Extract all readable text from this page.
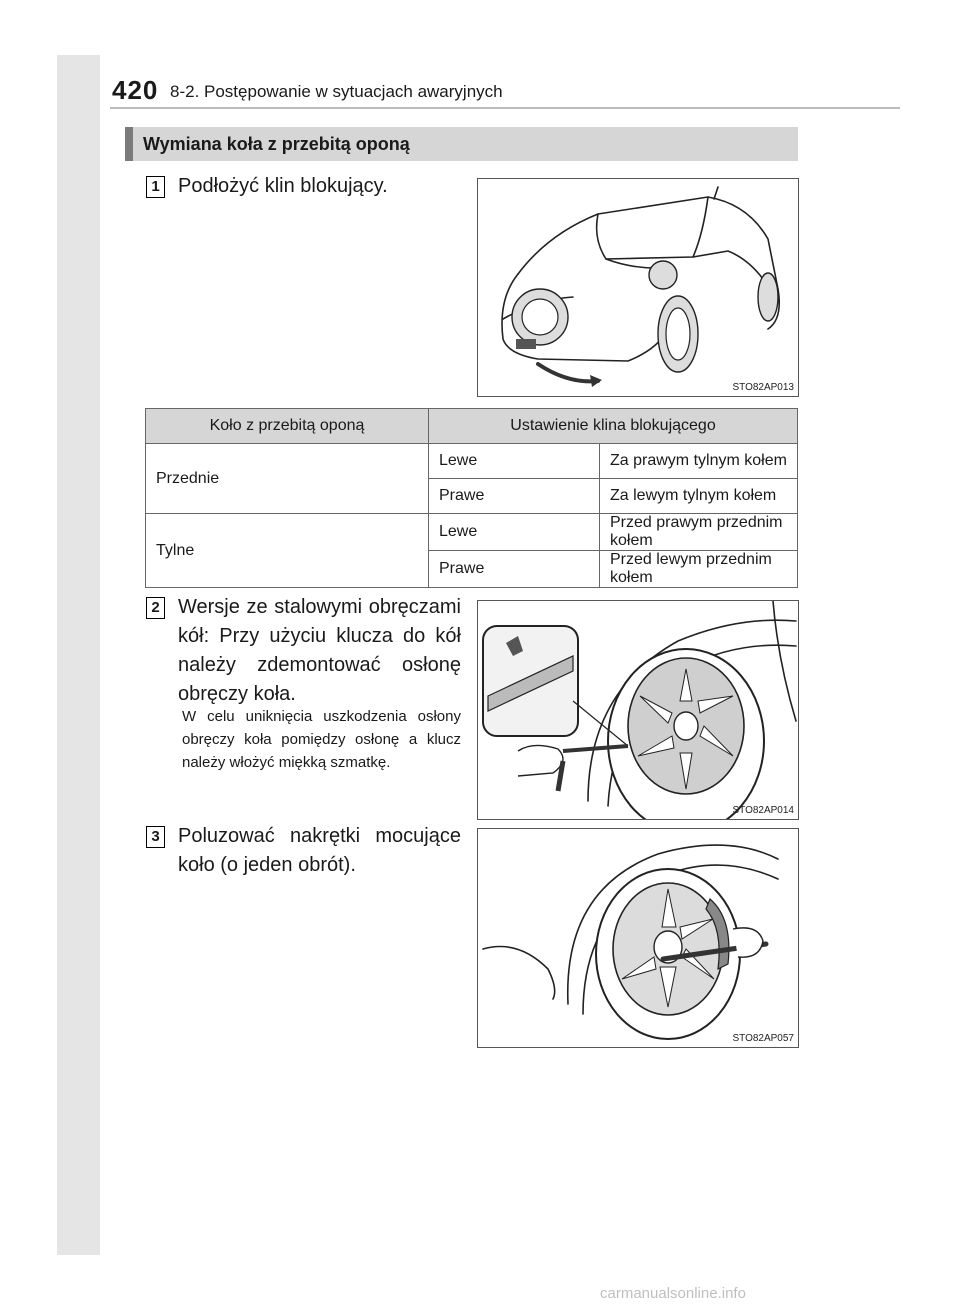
420 8-2. Postępowanie w sytuacjach awaryjnych
Wymiana koła z przebitą oponą
1 Podłożyć klin blokujący.
STO82AP013
Koło z przebitą oponą	Ustawienie klina blokującego	
Przednie	Lewe	Za prawym tylnym kołem
	Prawe	Za lewym tylnym kołem
Tylne	Lewe	Przed prawym przednim kołem
	Prawe	Przed lewym przednim kołem
2 Wersje ze stalowymi obręczami kół: Przy użyciu klucza do kół należy zdemontować osłonę obręczy koła.
W celu uniknięcia uszkodzenia osłony obręczy koła pomiędzy osłonę a klucz należy włożyć miękką szmatkę.
STO82AP014
3 Poluzować nakrętki mocujące koło (o jeden obrót).
STO82AP057
carmanualsonline.info
